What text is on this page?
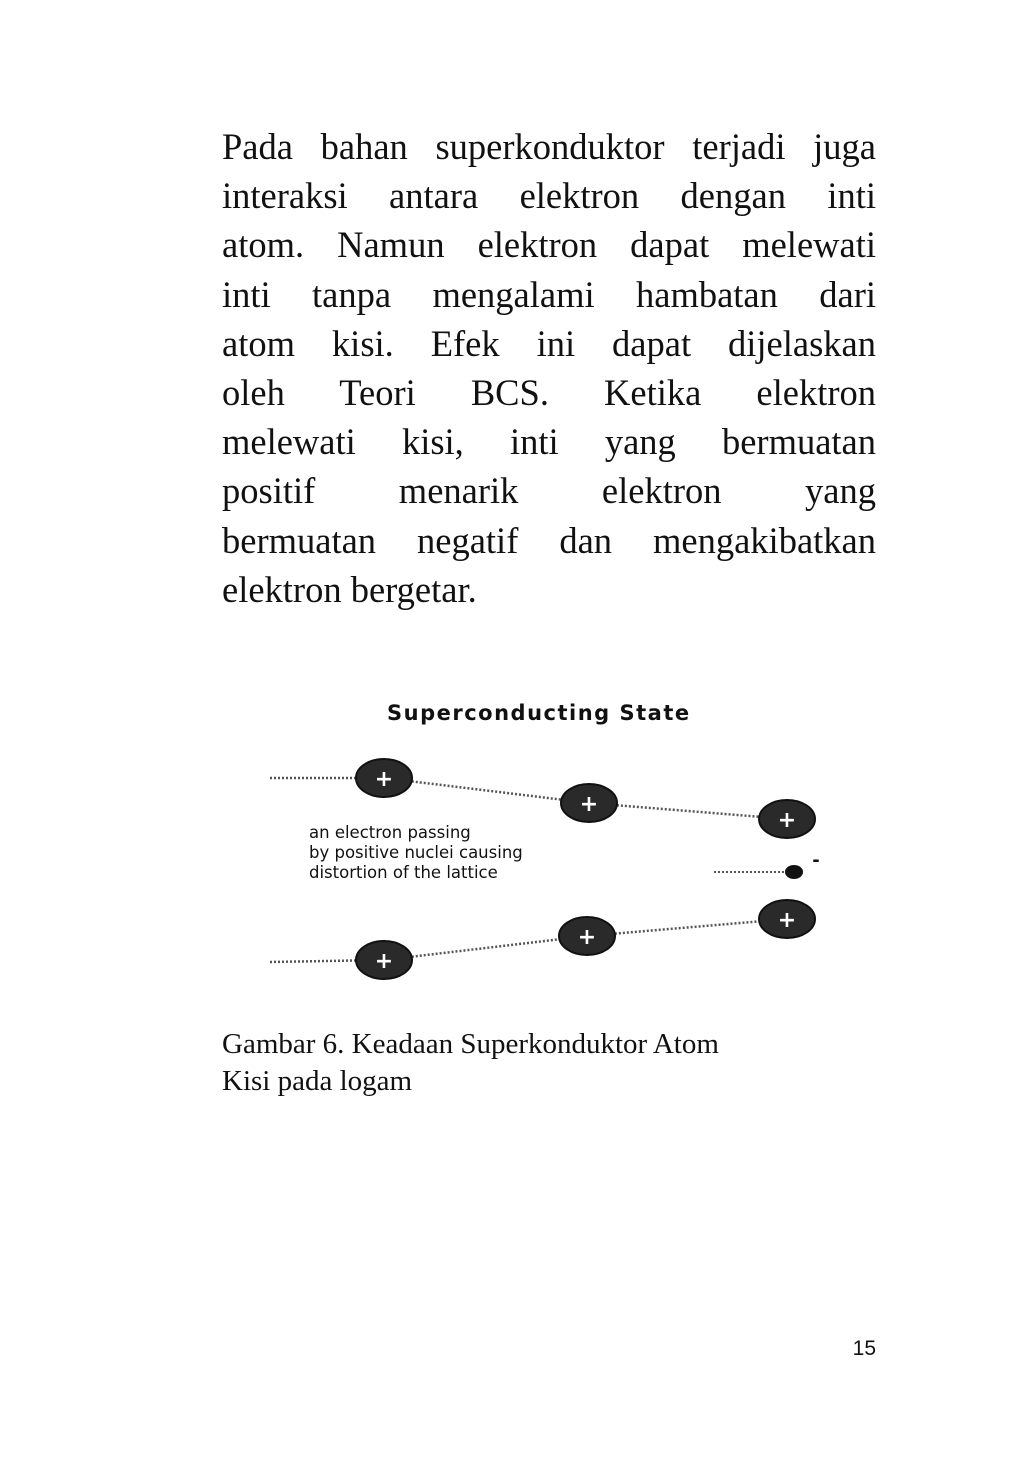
Pada bahan superkonduktor terjadi juga
interaksi antara elektron dengan inti
atom. Namun elektron dapat melewati
inti tanpa mengalami hambatan dari
atom kisi. Efek ini dapat dijelaskan
oleh Teori BCS. Ketika elektron
melewati kisi, inti yang bermuatan
positif menarik elektron yang
bermuatan negatif dan mengakibatkan
elektron bergetar.
Superconducting State
+
+
+
+
+
+
an electron passing by positive nuclei causing distortion of the lattice
-
Gambar 6. Keadaan Superkonduktor Atom
Kisi pada logam
15
